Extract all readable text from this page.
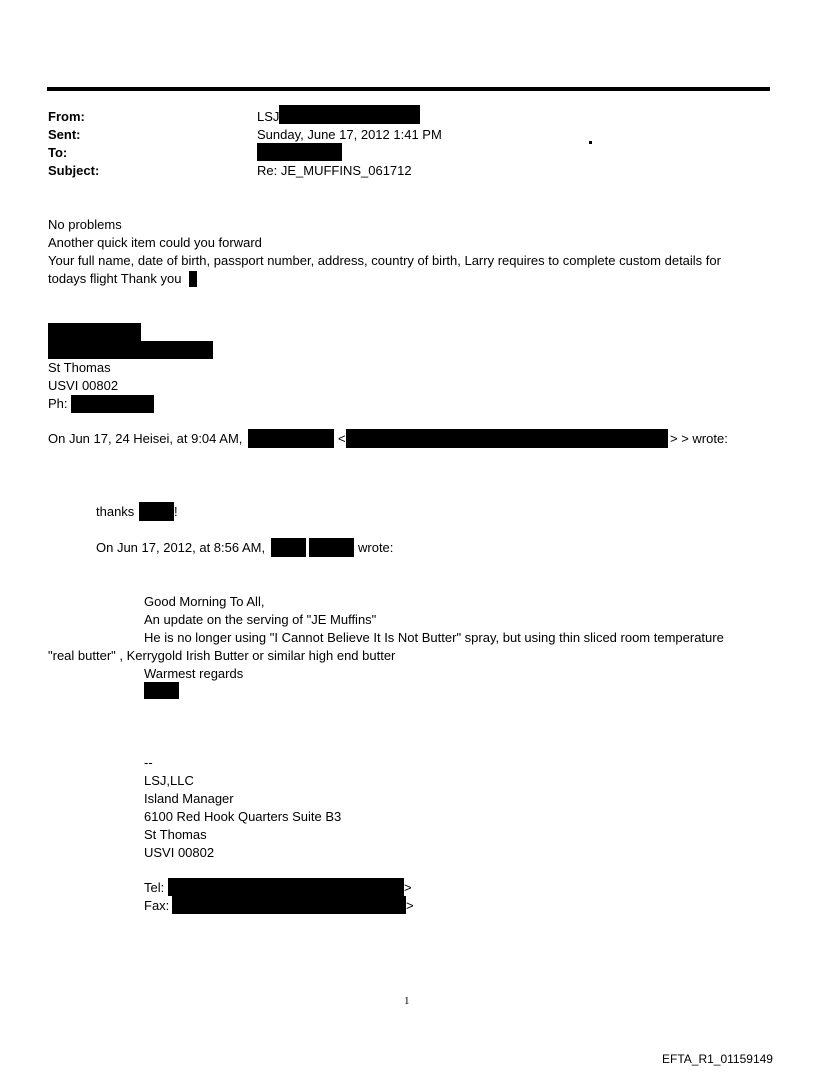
From:	LSJ
Sent:	Sunday, June 17, 2012 1:41 PM
To:
Subject:	Re: JE_MUFFINS_061712
No problems
Another quick item could you forward
Your full name, date of birth, passport number, address, country of birth, Larry requires to complete custom details for
todays flight Thank you
St Thomas
USVI 00802
Ph:
On Jun 17, 24 Heisei, at 9:04 AM,	<	> > wrote:
thanks	!
On Jun 17, 2012, at 8:56 AM,	wrote:
Good Morning To All,
An update on the serving of "JE Muffins"
He is no longer using "I Cannot Believe It Is Not Butter" spray, but using thin sliced room temperature
"real butter" , Kerrygold Irish Butter or similar high end butter
Warmest regards
--
LSJ,LLC
Island Manager
6100 Red Hook Quarters Suite B3
St Thomas
USVI 00802
Tel:	>
Fax:	>
1
EFTA_R1_01159149
